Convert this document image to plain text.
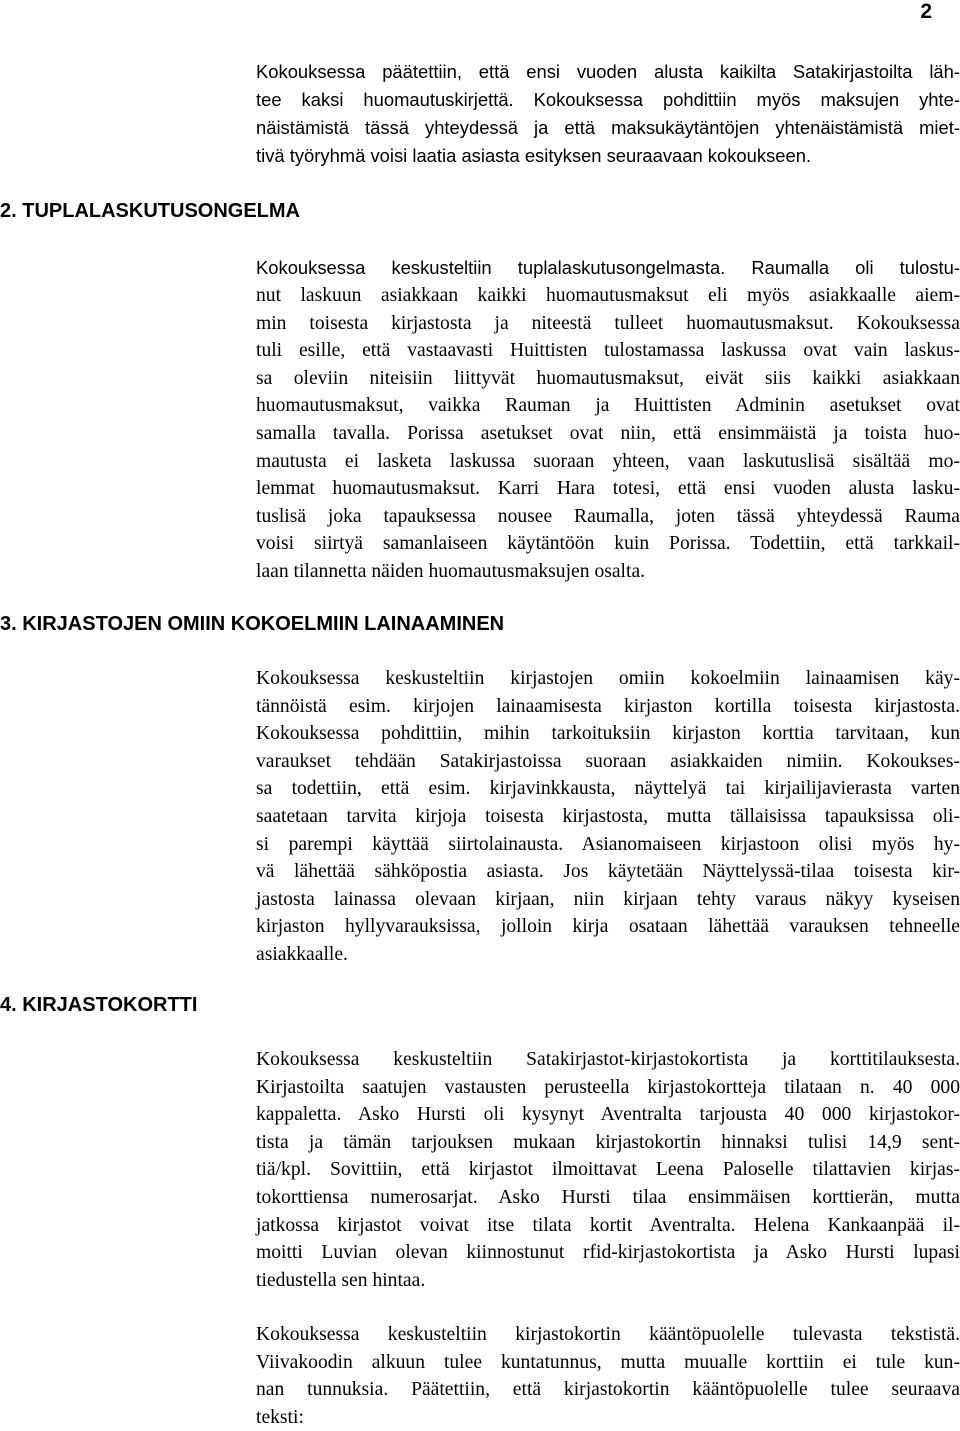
2
Kokouksessa päätettiin, että ensi vuoden alusta kaikilta Satakirjastoilta läh-
tee kaksi huomautuskirjettä. Kokouksessa pohdittiin myös maksujen yhte-
näistämistä tässä yhteydessä ja että maksukäytäntöjen yhtenäistämistä miet-
tivä työryhmä voisi laatia asiasta esityksen seuraavaan kokoukseen.
2. TUPLALASKUTUSONGELMA
Kokouksessa keskusteltiin tuplalaskutusongelmasta. Raumalla oli tulostu-
nut laskuun asiakkaan kaikki huomautusmaksut eli myös asiakkaalle aiem-
min toisesta kirjastosta ja niteestä tulleet huomautusmaksut. Kokouksessa
tuli esille, että vastaavasti Huittisten tulostamassa laskussa ovat vain laskus-
sa oleviin niteisiin liittyvät huomautusmaksut, eivät siis kaikki asiakkaan
huomautusmaksut, vaikka Rauman ja Huittisten Adminin asetukset ovat
samalla tavalla. Porissa asetukset ovat niin, että ensimmäistä ja toista huo-
mautusta ei lasketa laskussa suoraan yhteen, vaan laskutuslisä sisältää mo-
lemmat huomautusmaksut. Karri Hara totesi, että ensi vuoden alusta lasku-
tuslisä joka tapauksessa nousee Raumalla, joten tässä yhteydessä Rauma
voisi siirtyä samanlaiseen käytäntöön kuin Porissa. Todettiin, että tarkkail-
laan tilannetta näiden huomautusmaksujen osalta.
3. KIRJASTOJEN OMIIN KOKOELMIIN LAINAAMINEN
Kokouksessa keskusteltiin kirjastojen omiin kokoelmiin lainaamisen käy-
tännöistä esim. kirjojen lainaamisesta kirjaston kortilla toisesta kirjastosta.
Kokouksessa pohdittiin, mihin tarkoituksiin kirjaston korttia tarvitaan, kun
varaukset tehdään Satakirjastoissa suoraan asiakkaiden nimiin. Kokoukses-
sa todettiin, että esim. kirjavinkkausta, näyttelyä tai kirjailijavierasta varten
saatetaan tarvita kirjoja toisesta kirjastosta, mutta tällaisissa tapauksissa oli-
si parempi käyttää siirtolainausta. Asianomaiseen kirjastoon olisi myös hy-
vä lähettää sähköpostia asiasta. Jos käytetään Näyttelyssä-tilaa toisesta kir-
jastosta lainassa olevaan kirjaan, niin kirjaan tehty varaus näkyy kyseisen
kirjaston hyllyvarauksissa, jolloin kirja osataan lähettää varauksen tehneelle
asiakkaalle.
4. KIRJASTOKORTTI
Kokouksessa keskusteltiin Satakirjastot-kirjastokortista ja korttitilauksesta.
Kirjastoilta saatujen vastausten perusteella kirjastokortteja tilataan n. 40 000
kappaletta. Asko Hursti oli kysynyt Aventralta tarjousta 40 000 kirjastokor-
tista ja tämän tarjouksen mukaan kirjastokortin hinnaksi tulisi 14,9 sent-
tiä/kpl. Sovittiin, että kirjastot ilmoittavat Leena Paloselle tilattavien kirjas-
tokorttiensa numerosarjat. Asko Hursti tilaa ensimmäisen korttierän, mutta
jatkossa kirjastot voivat itse tilata kortit Aventralta. Helena Kankaanpää il-
moitti Luvian olevan kiinnostunut rfid-kirjastokortista ja Asko Hursti lupasi
tiedustella sen hintaa.
Kokouksessa keskusteltiin kirjastokortin kääntöpuolelle tulevasta tekstistä.
Viivakoodin alkuun tulee kuntatunnus, mutta muualle korttiin ei tule kun-
nan tunnuksia. Päätettiin, että kirjastokortin kääntöpuolelle tulee seuraava
teksti:
